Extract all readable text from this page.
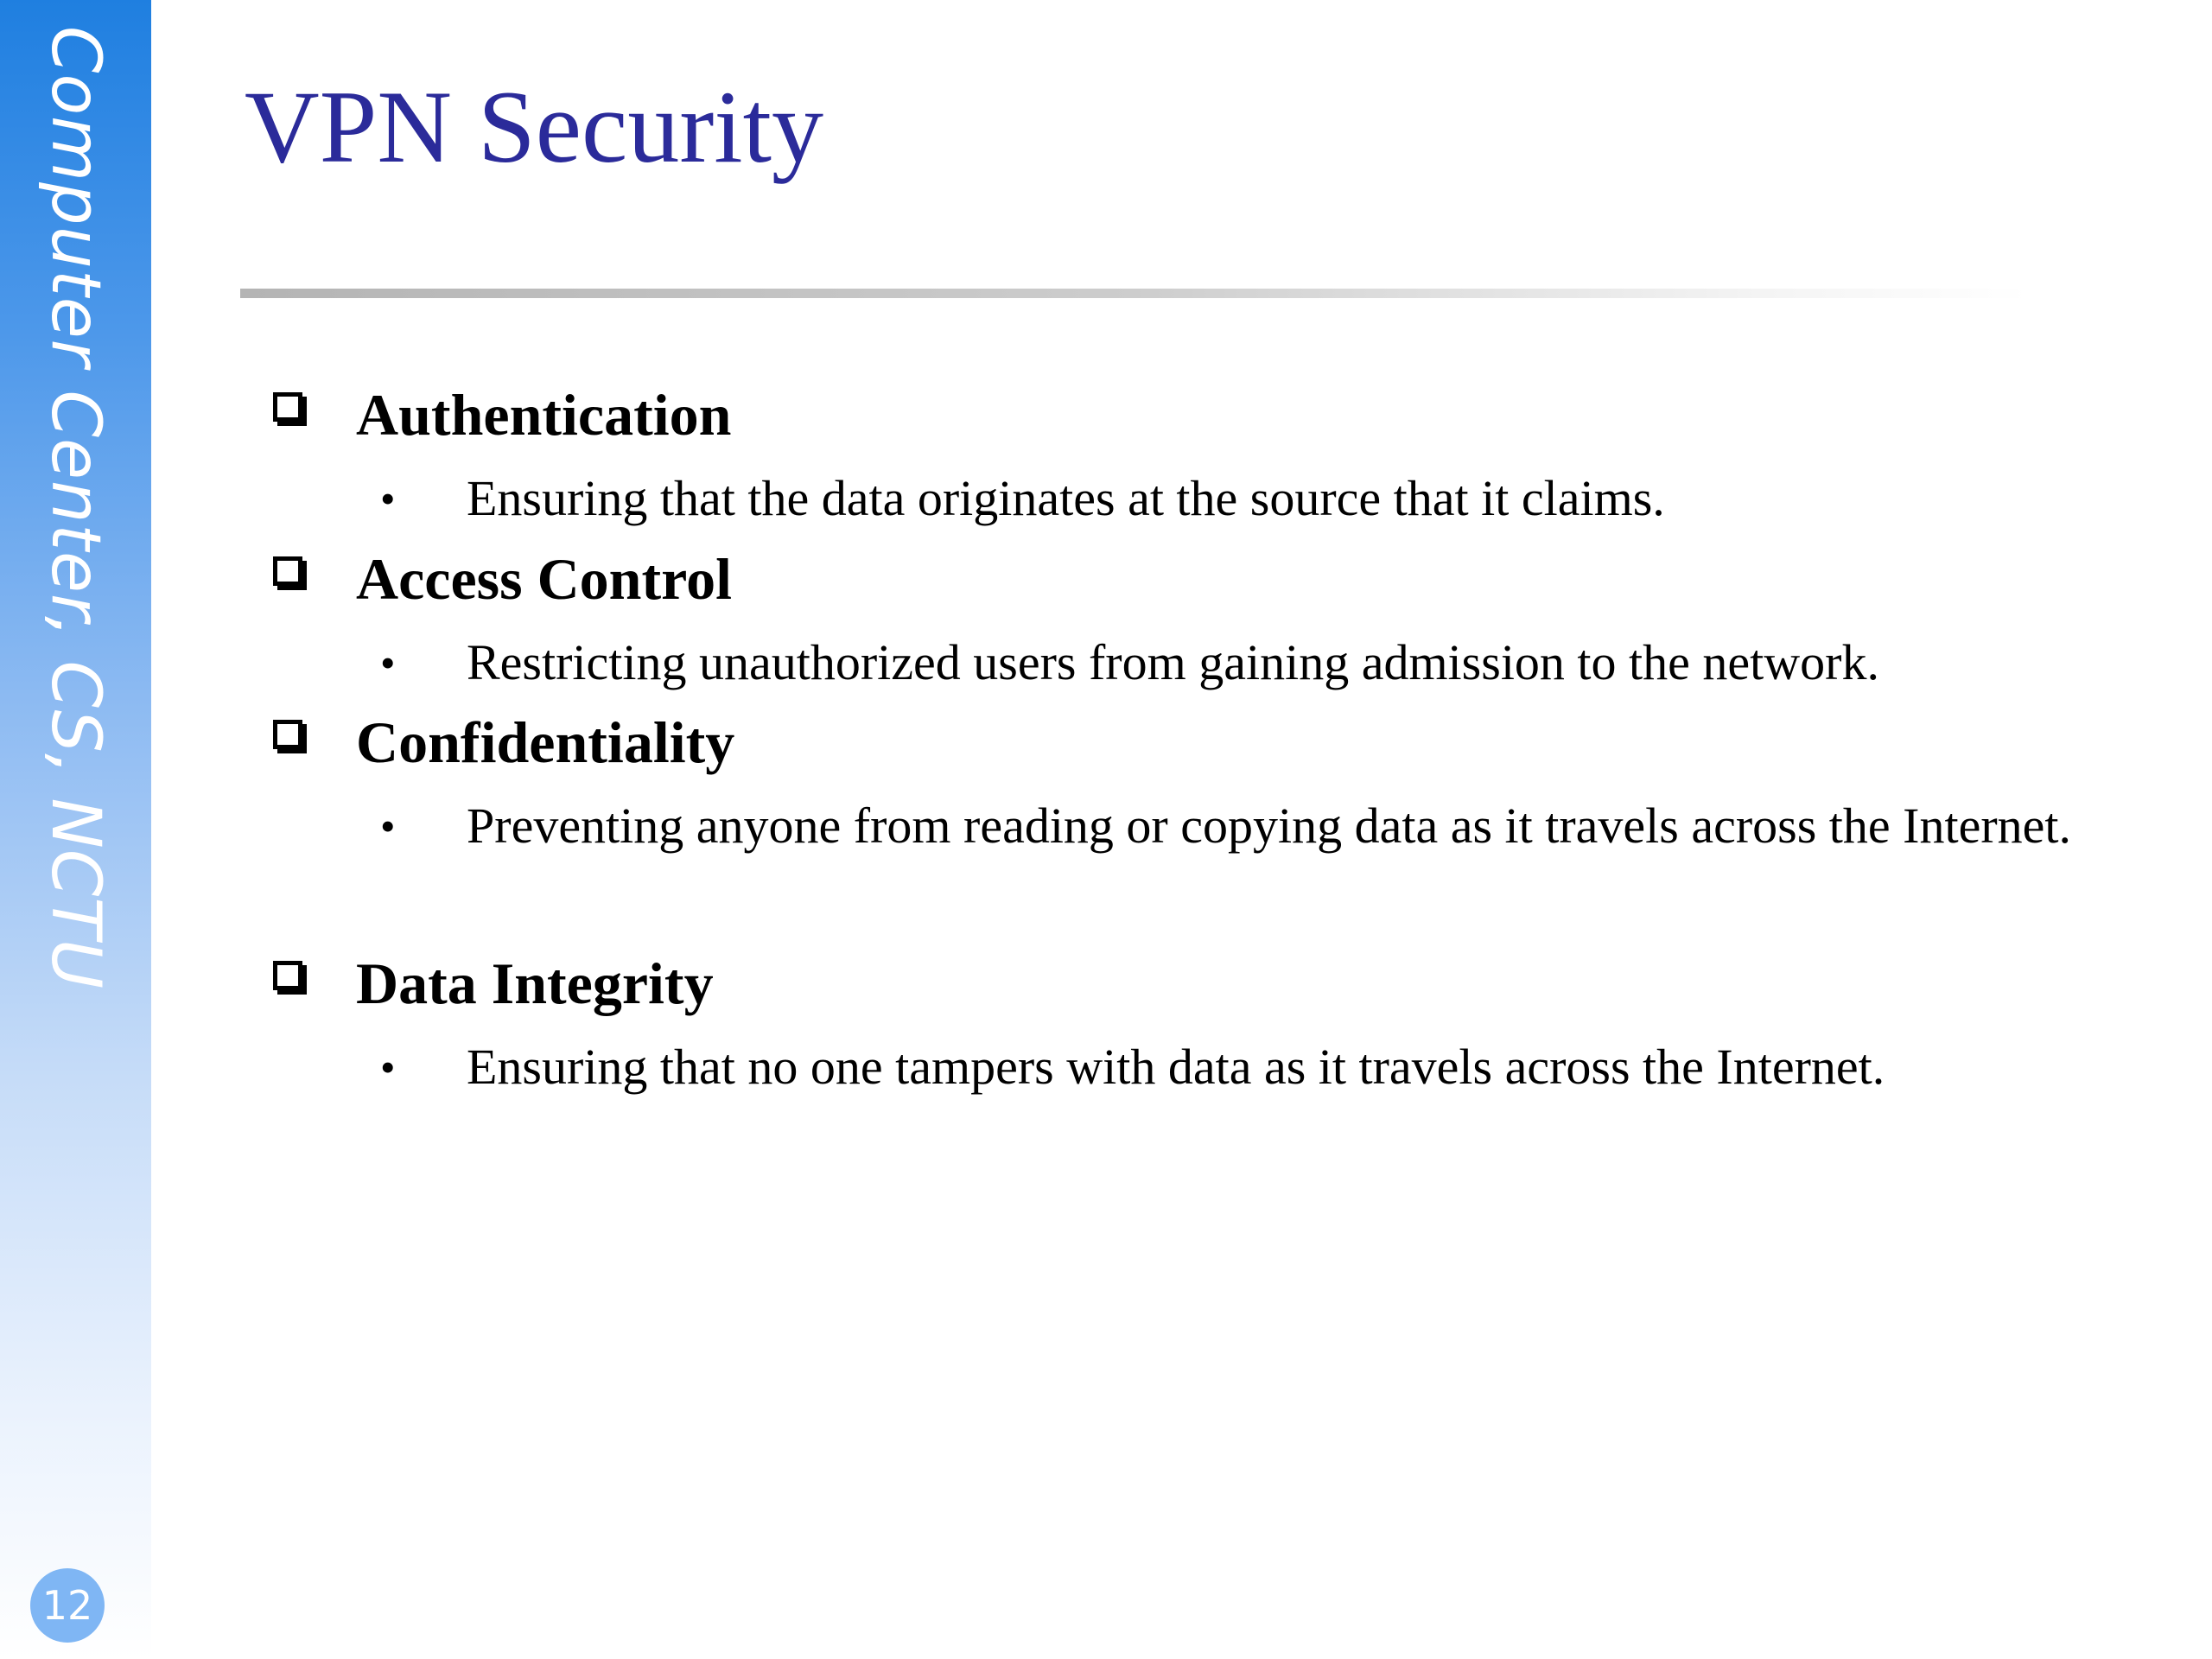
Computer Center, CS, NCTU
12
VPN Security
Authentication
• Ensuring that the data originates at the source that it claims.
Access Control
• Restricting unauthorized users from gaining admission to the network.
Confidentiality
• Preventing anyone from reading or copying data as it travels across the Internet.
Data Integrity
• Ensuring that no one tampers with data as it travels across the Internet.
